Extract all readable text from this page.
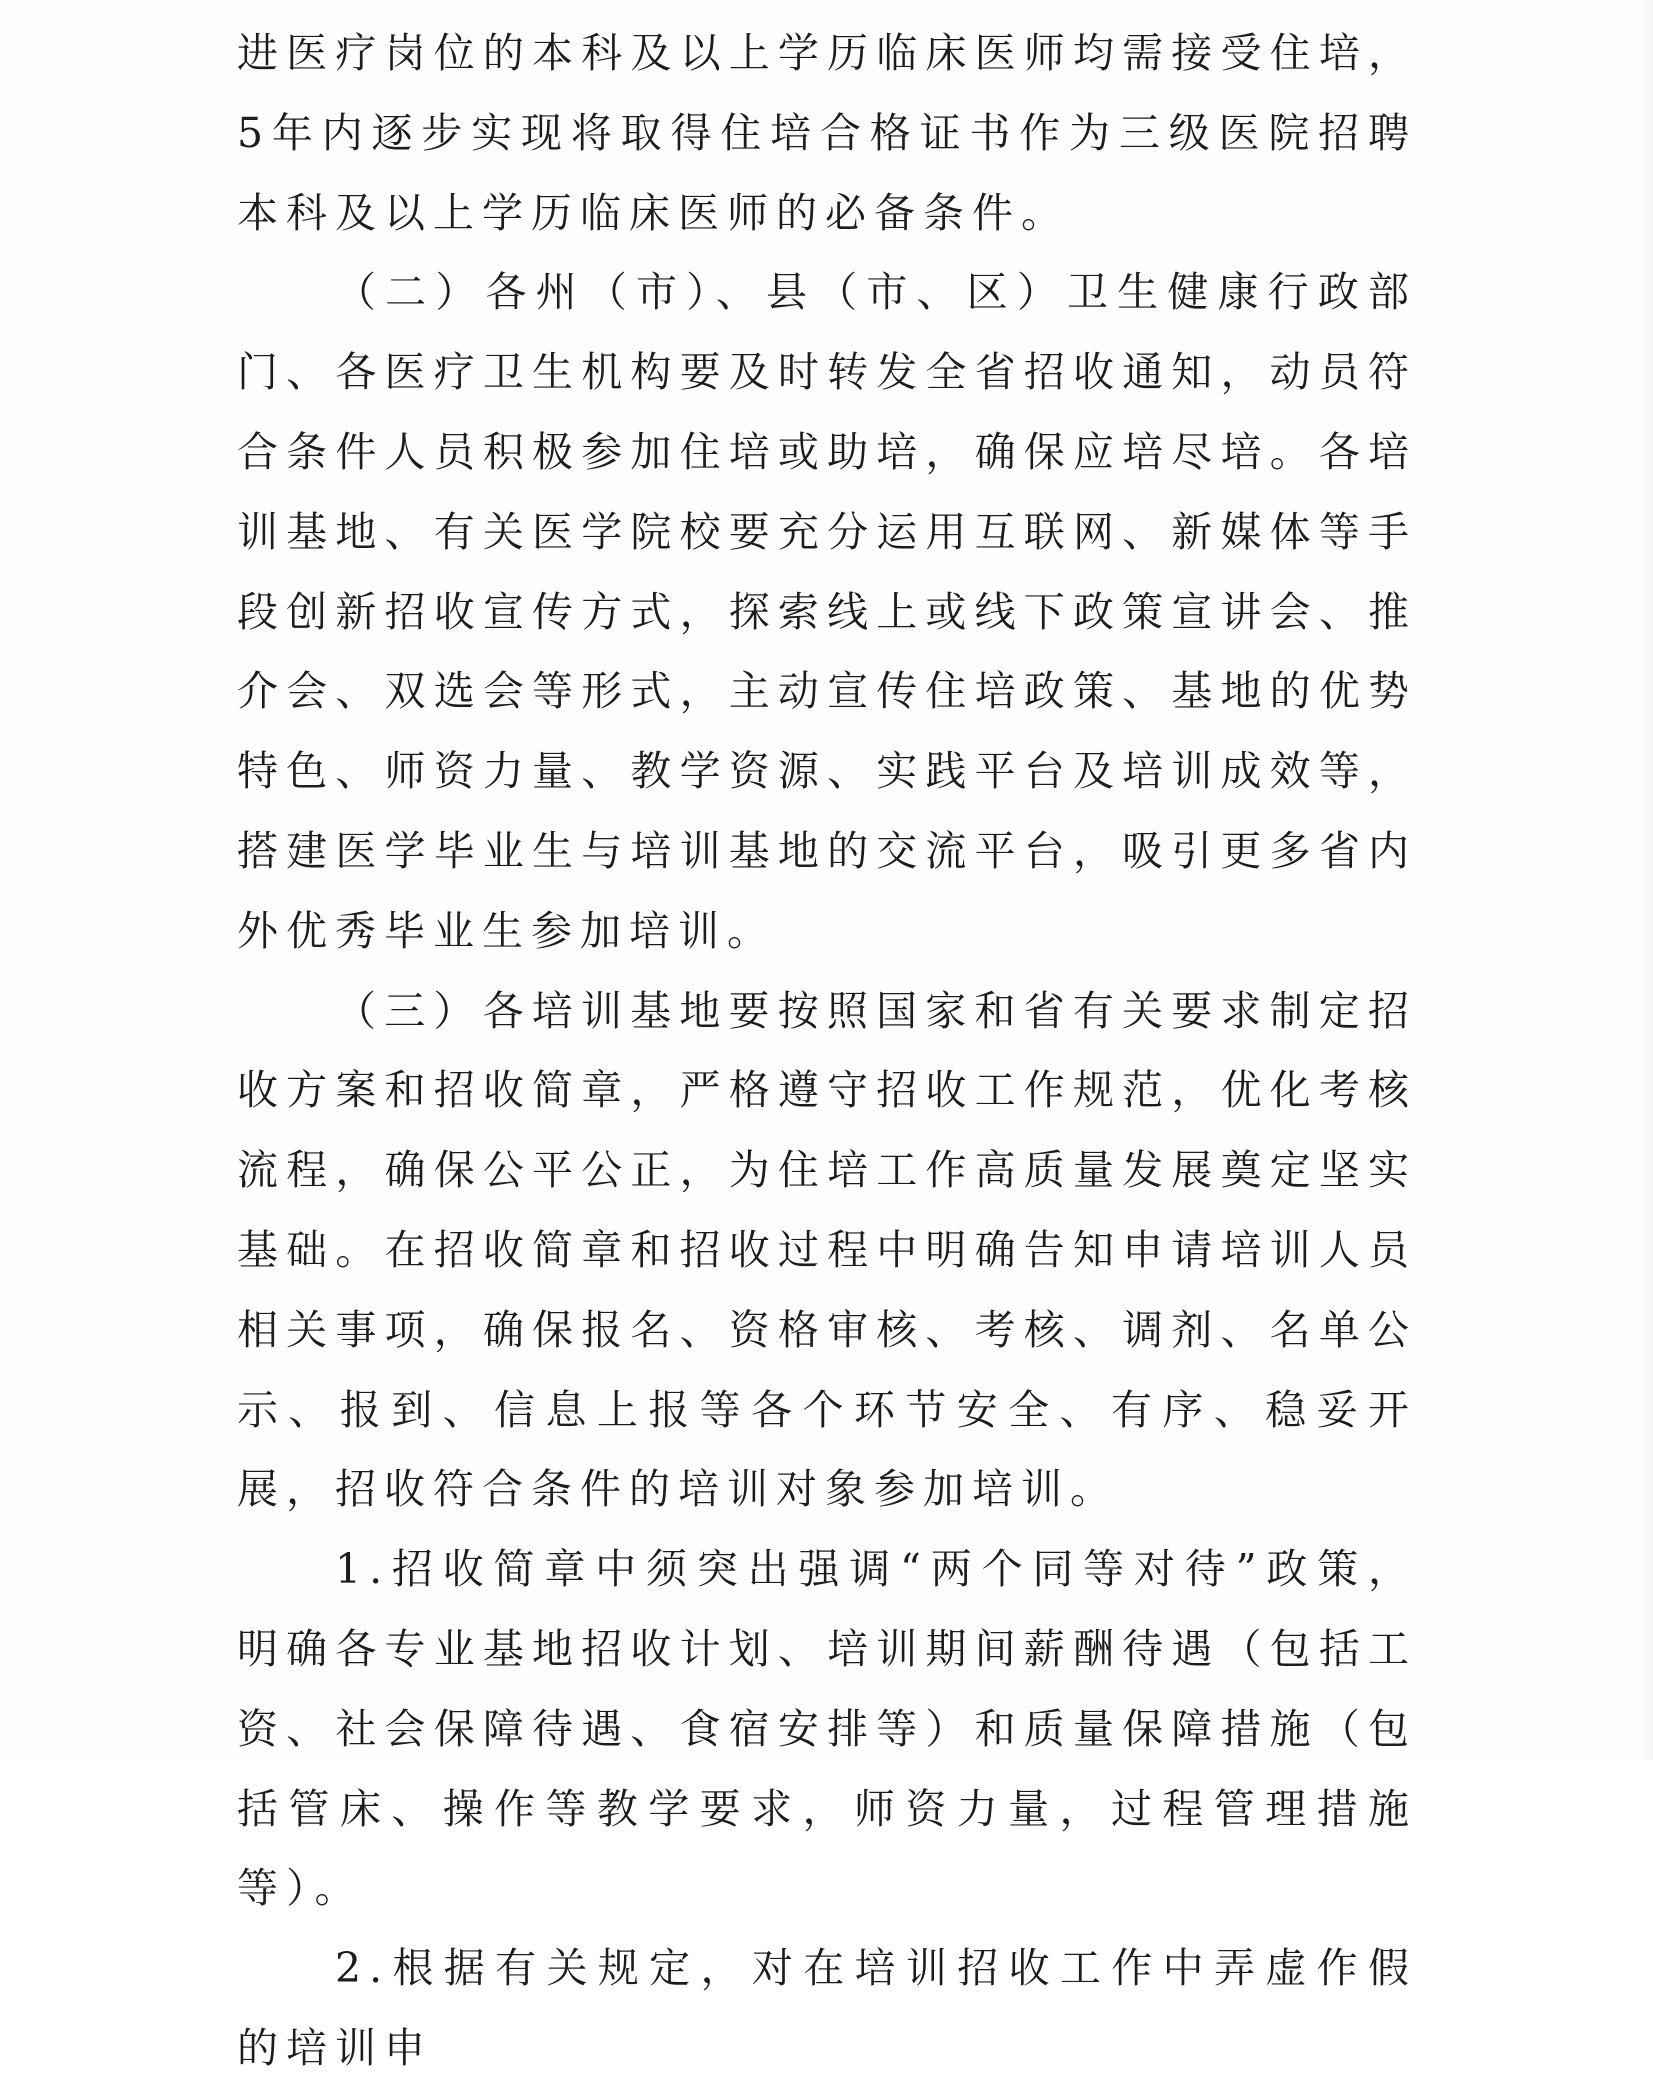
进医疗岗位的本科及以上学历临床医师均需接受住培，5年内逐步实现将取得住培合格证书作为三级医院招聘本科及以上学历临床医师的必备条件。

（二）各州（市）、县（市、区）卫生健康行政部门、各医疗卫生机构要及时转发全省招收通知，动员符合条件人员积极参加住培或助培，确保应培尽培。各培训基地、有关医学院校要充分运用互联网、新媒体等手段创新招收宣传方式，探索线上或线下政策宣讲会、推介会、双选会等形式，主动宣传住培政策、基地的优势特色、师资力量、教学资源、实践平台及培训成效等，搭建医学毕业生与培训基地的交流平台，吸引更多省内外优秀毕业生参加培训。

（三）各培训基地要按照国家和省有关要求制定招收方案和招收简章，严格遵守招收工作规范，优化考核流程，确保公平公正，为住培工作高质量发展奠定坚实基础。在招收简章和招收过程中明确告知申请培训人员相关事项，确保报名、资格审核、考核、调剂、名单公示、报到、信息上报等各个环节安全、有序、稳妥开展，招收符合条件的培训对象参加培训。

1.招收简章中须突出强调“两个同等对待”政策，明确各专业基地招收计划、培训期间薪酬待遇（包括工资、社会保障待遇、食宿安排等）和质量保障措施（包括管床、操作等教学要求，师资力量，过程管理措施等）。

2.根据有关规定，对在培训招收工作中弄虚作假的培训申
